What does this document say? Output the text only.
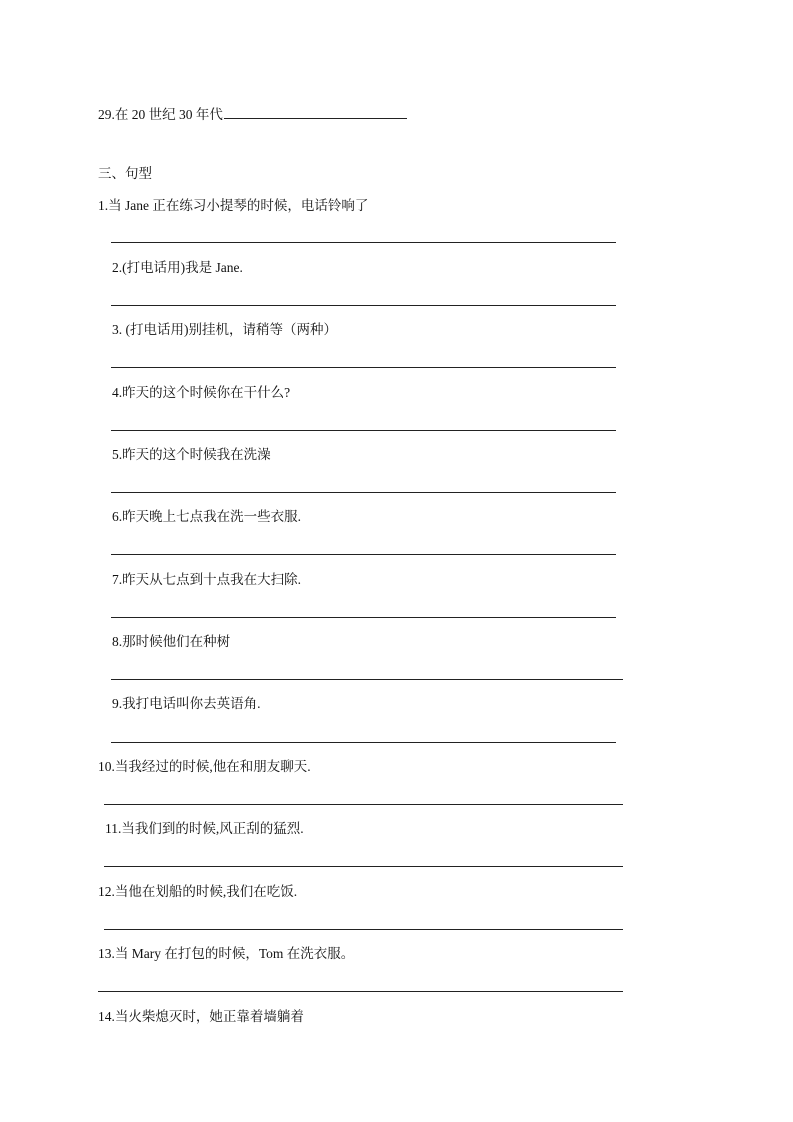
29.在 20 世纪 30 年代
三、句型
1.当 Jane 正在练习小提琴的时候，电话铃响了
2.(打电话用)我是 Jane.
3. (打电话用)别挂机，请稍等（两种）
4.昨天的这个时候你在干什么?
5.昨天的这个时候我在洗澡
6.昨天晚上七点我在洗一些衣服.
7.昨天从七点到十点我在大扫除.
8.那时候他们在种树
9.我打电话叫你去英语角.
10.当我经过的时候,他在和朋友聊天.
11.当我们到的时候,风正刮的猛烈.
12.当他在划船的时候,我们在吃饭.
13.当 Mary 在打包的时候，Tom 在洗衣服。
14.当火柴熄灭时，她正靠着墙躺着
